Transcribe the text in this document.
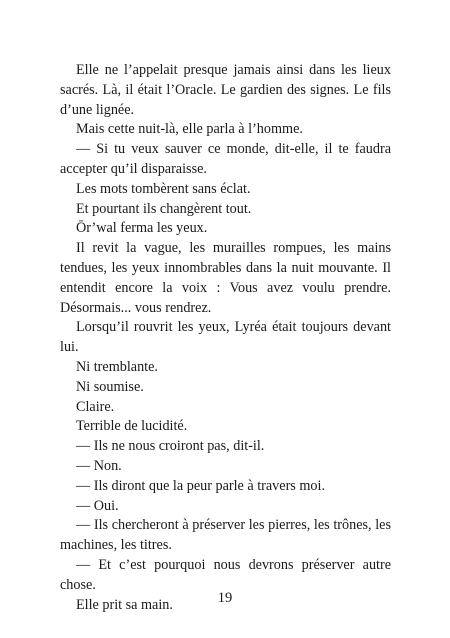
Elle ne l’appelait presque jamais ainsi dans les lieux sacrés. Là, il était l’Oracle. Le gardien des signes. Le fils d’une lignée.

Mais cette nuit-là, elle parla à l’homme.

— Si tu veux sauver ce monde, dit-elle, il te faudra accepter qu’il disparaisse.

Les mots tombèrent sans éclat.

Et pourtant ils changèrent tout.

Ōr’wal ferma les yeux.

Il revit la vague, les murailles rompues, les mains tendues, les yeux innombrables dans la nuit mouvante. Il entendit encore la voix : Vous avez voulu prendre. Désormais... vous rendrez.

Lorsqu’il rouvrit les yeux, Lyréa était toujours devant lui.

Ni tremblante.

Ni soumise.

Claire.

Terrible de lucidité.

— Ils ne nous croiront pas, dit-il.

— Non.

— Ils diront que la peur parle à travers moi.

— Oui.

— Ils chercheront à préserver les pierres, les trônes, les machines, les titres.

— Et c’est pourquoi nous devrons préserver autre chose.

Elle prit sa main.	19
